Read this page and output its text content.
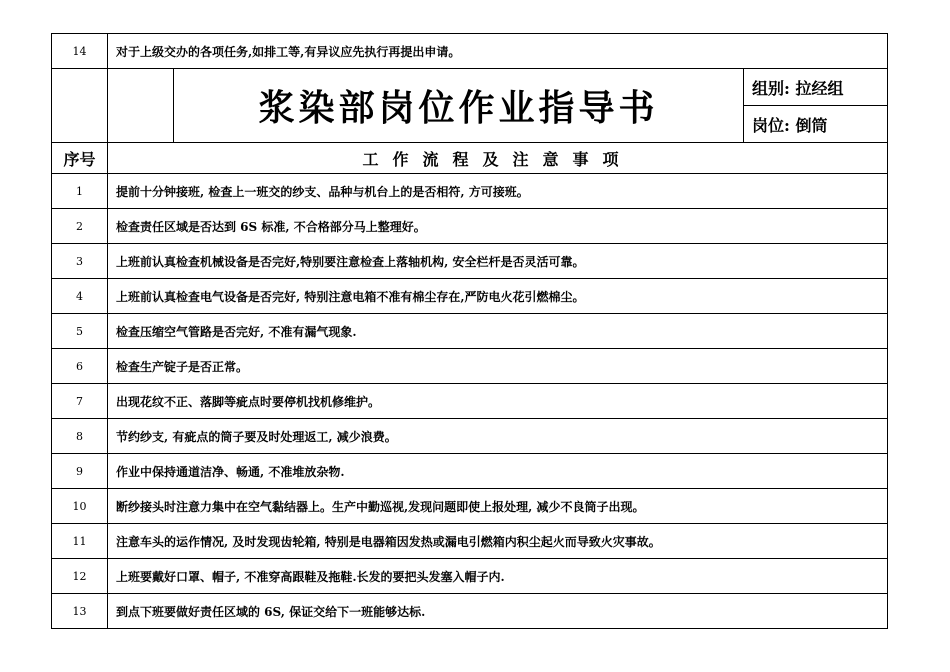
14	对于上级交办的各项任务,如排工等,有异议应先执行再提出申请。		
		浆染部岗位作业指导书	组别: 拉经组
			岗位: 倒筒
序号	工作流程及注意事项		
1	提前十分钟接班, 检查上一班交的纱支、品种与机台上的是否相符, 方可接班。		
2	检查责任区域是否达到 6S 标准, 不合格部分马上整理好。		
3	上班前认真检查机械设备是否完好,特别要注意检查上落轴机构, 安全栏杆是否灵活可靠。		
4	上班前认真检查电气设备是否完好, 特别注意电箱不准有棉尘存在,严防电火花引燃棉尘。		
5	检查压缩空气管路是否完好, 不准有漏气现象.		
6	检查生产锭子是否正常。		
7	出现花纹不正、落脚等疵点时要停机找机修维护。		
8	节约纱支, 有疵点的筒子要及时处理返工, 减少浪费。		
9	作业中保持通道洁净、畅通, 不准堆放杂物.		
10	断纱接头时注意力集中在空气黏结器上。生产中勤巡视,发现问题即使上报处理, 减少不良筒子出现。		
11	注意车头的运作情况, 及时发现齿轮箱, 特别是电器箱因发热或漏电引燃箱内积尘起火而导致火灾事故。		
12	上班要戴好口罩、帽子, 不准穿高跟鞋及拖鞋.长发的要把头发塞入帽子内.		
13	到点下班要做好责任区域的 6S, 保证交给下一班能够达标.		
